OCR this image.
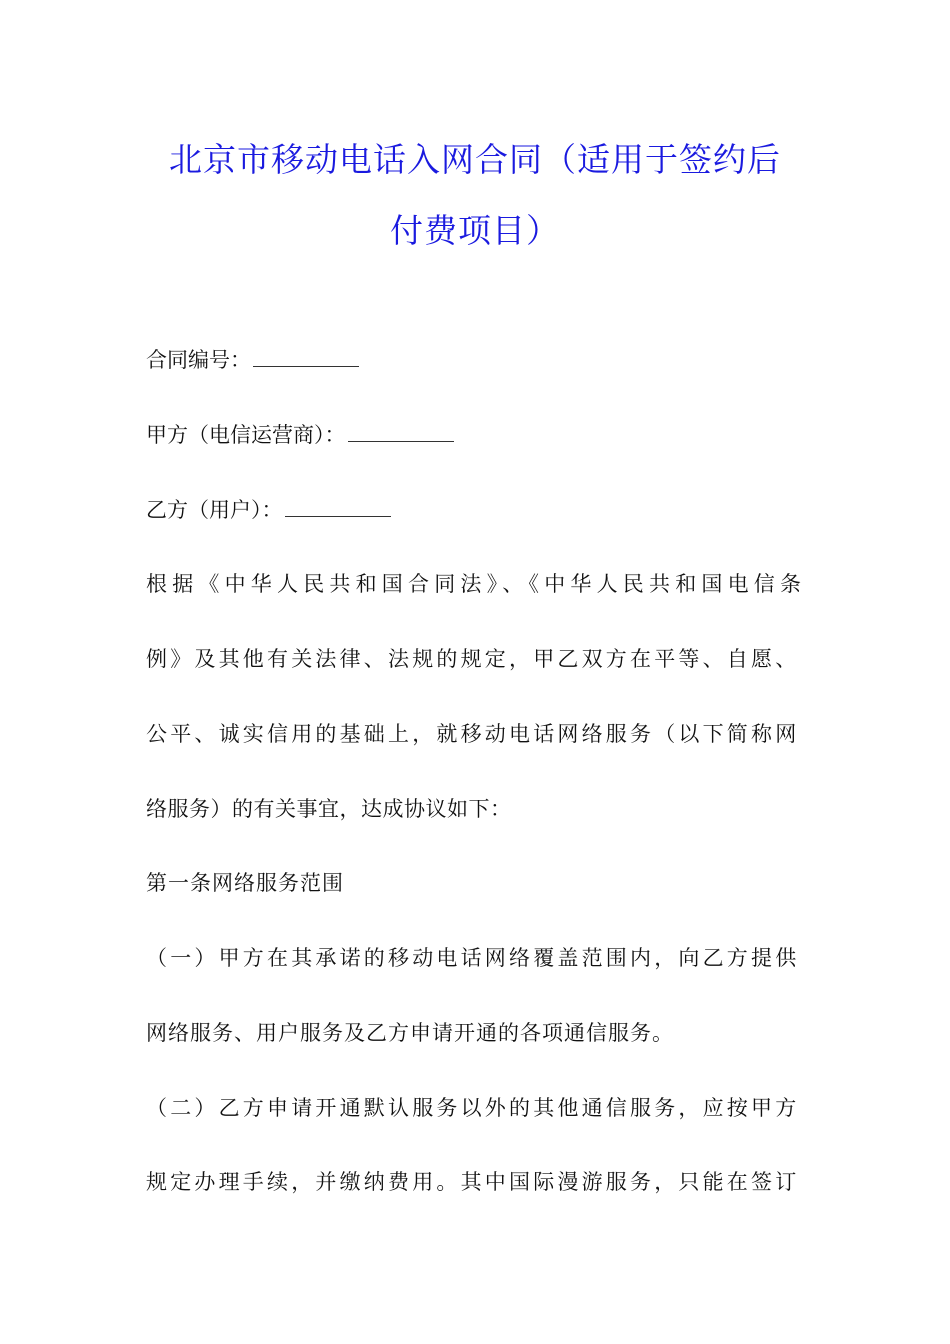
北京市移动电话入网合同（适用于签约后
付费项目）
合同编号：
甲方（电信运营商）：
乙方（用户）：
根据《中华人民共和国合同法》、《中华人民共和国电信条
例》及其他有关法律、法规的规定，甲乙双方在平等、自愿、
公平、诚实信用的基础上，就移动电话网络服务（以下简称网
络服务）的有关事宜，达成协议如下：
第一条网络服务范围
（一）甲方在其承诺的移动电话网络覆盖范围内，向乙方提供
网络服务、用户服务及乙方申请开通的各项通信服务。
（二）乙方申请开通默认服务以外的其他通信服务，应按甲方
规定办理手续，并缴纳费用。其中国际漫游服务，只能在签订
